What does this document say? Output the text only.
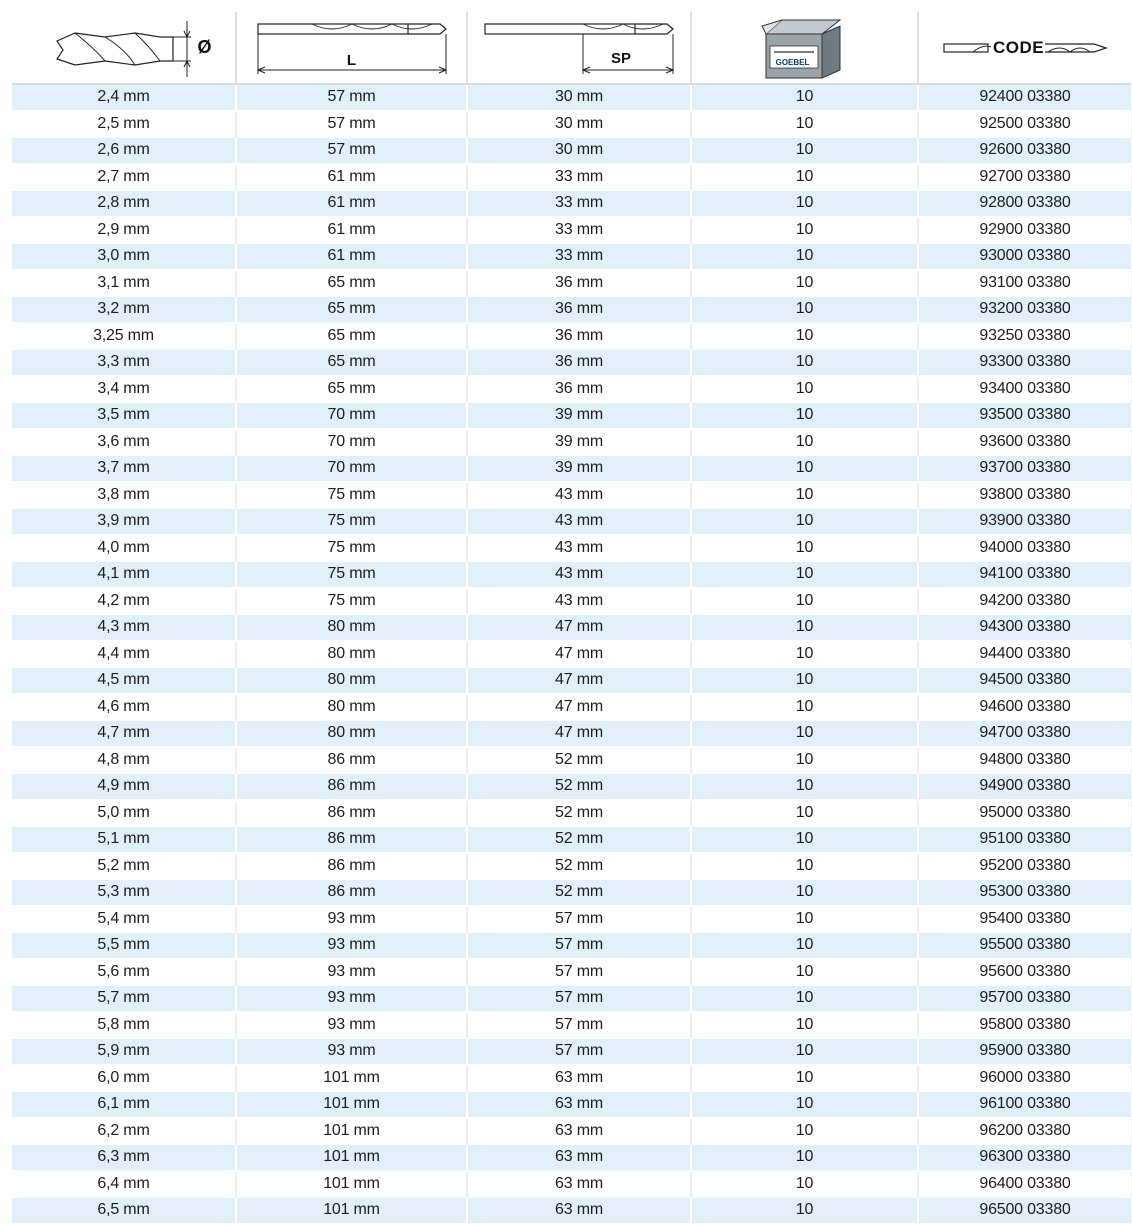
Ø	L	SP	GOEBEL	CODE

2,4 mm	57 mm	30 mm	10	92400 03380
2,5 mm	57 mm	30 mm	10	92500 03380
2,6 mm	57 mm	30 mm	10	92600 03380
2,7 mm	61 mm	33 mm	10	92700 03380
2,8 mm	61 mm	33 mm	10	92800 03380
2,9 mm	61 mm	33 mm	10	92900 03380
3,0 mm	61 mm	33 mm	10	93000 03380
3,1 mm	65 mm	36 mm	10	93100 03380
3,2 mm	65 mm	36 mm	10	93200 03380
3,25 mm	65 mm	36 mm	10	93250 03380
3,3 mm	65 mm	36 mm	10	93300 03380
3,4 mm	65 mm	36 mm	10	93400 03380
3,5 mm	70 mm	39 mm	10	93500 03380
3,6 mm	70 mm	39 mm	10	93600 03380
3,7 mm	70 mm	39 mm	10	93700 03380
3,8 mm	75 mm	43 mm	10	93800 03380
3,9 mm	75 mm	43 mm	10	93900 03380
4,0 mm	75 mm	43 mm	10	94000 03380
4,1 mm	75 mm	43 mm	10	94100 03380
4,2 mm	75 mm	43 mm	10	94200 03380
4,3 mm	80 mm	47 mm	10	94300 03380
4,4 mm	80 mm	47 mm	10	94400 03380
4,5 mm	80 mm	47 mm	10	94500 03380
4,6 mm	80 mm	47 mm	10	94600 03380
4,7 mm	80 mm	47 mm	10	94700 03380
4,8 mm	86 mm	52 mm	10	94800 03380
4,9 mm	86 mm	52 mm	10	94900 03380
5,0 mm	86 mm	52 mm	10	95000 03380
5,1 mm	86 mm	52 mm	10	95100 03380
5,2 mm	86 mm	52 mm	10	95200 03380
5,3 mm	86 mm	52 mm	10	95300 03380
5,4 mm	93 mm	57 mm	10	95400 03380
5,5 mm	93 mm	57 mm	10	95500 03380
5,6 mm	93 mm	57 mm	10	95600 03380
5,7 mm	93 mm	57 mm	10	95700 03380
5,8 mm	93 mm	57 mm	10	95800 03380
5,9 mm	93 mm	57 mm	10	95900 03380
6,0 mm	101 mm	63 mm	10	96000 03380
6,1 mm	101 mm	63 mm	10	96100 03380
6,2 mm	101 mm	63 mm	10	96200 03380
6,3 mm	101 mm	63 mm	10	96300 03380
6,4 mm	101 mm	63 mm	10	96400 03380
6,5 mm	101 mm	63 mm	10	96500 03380
